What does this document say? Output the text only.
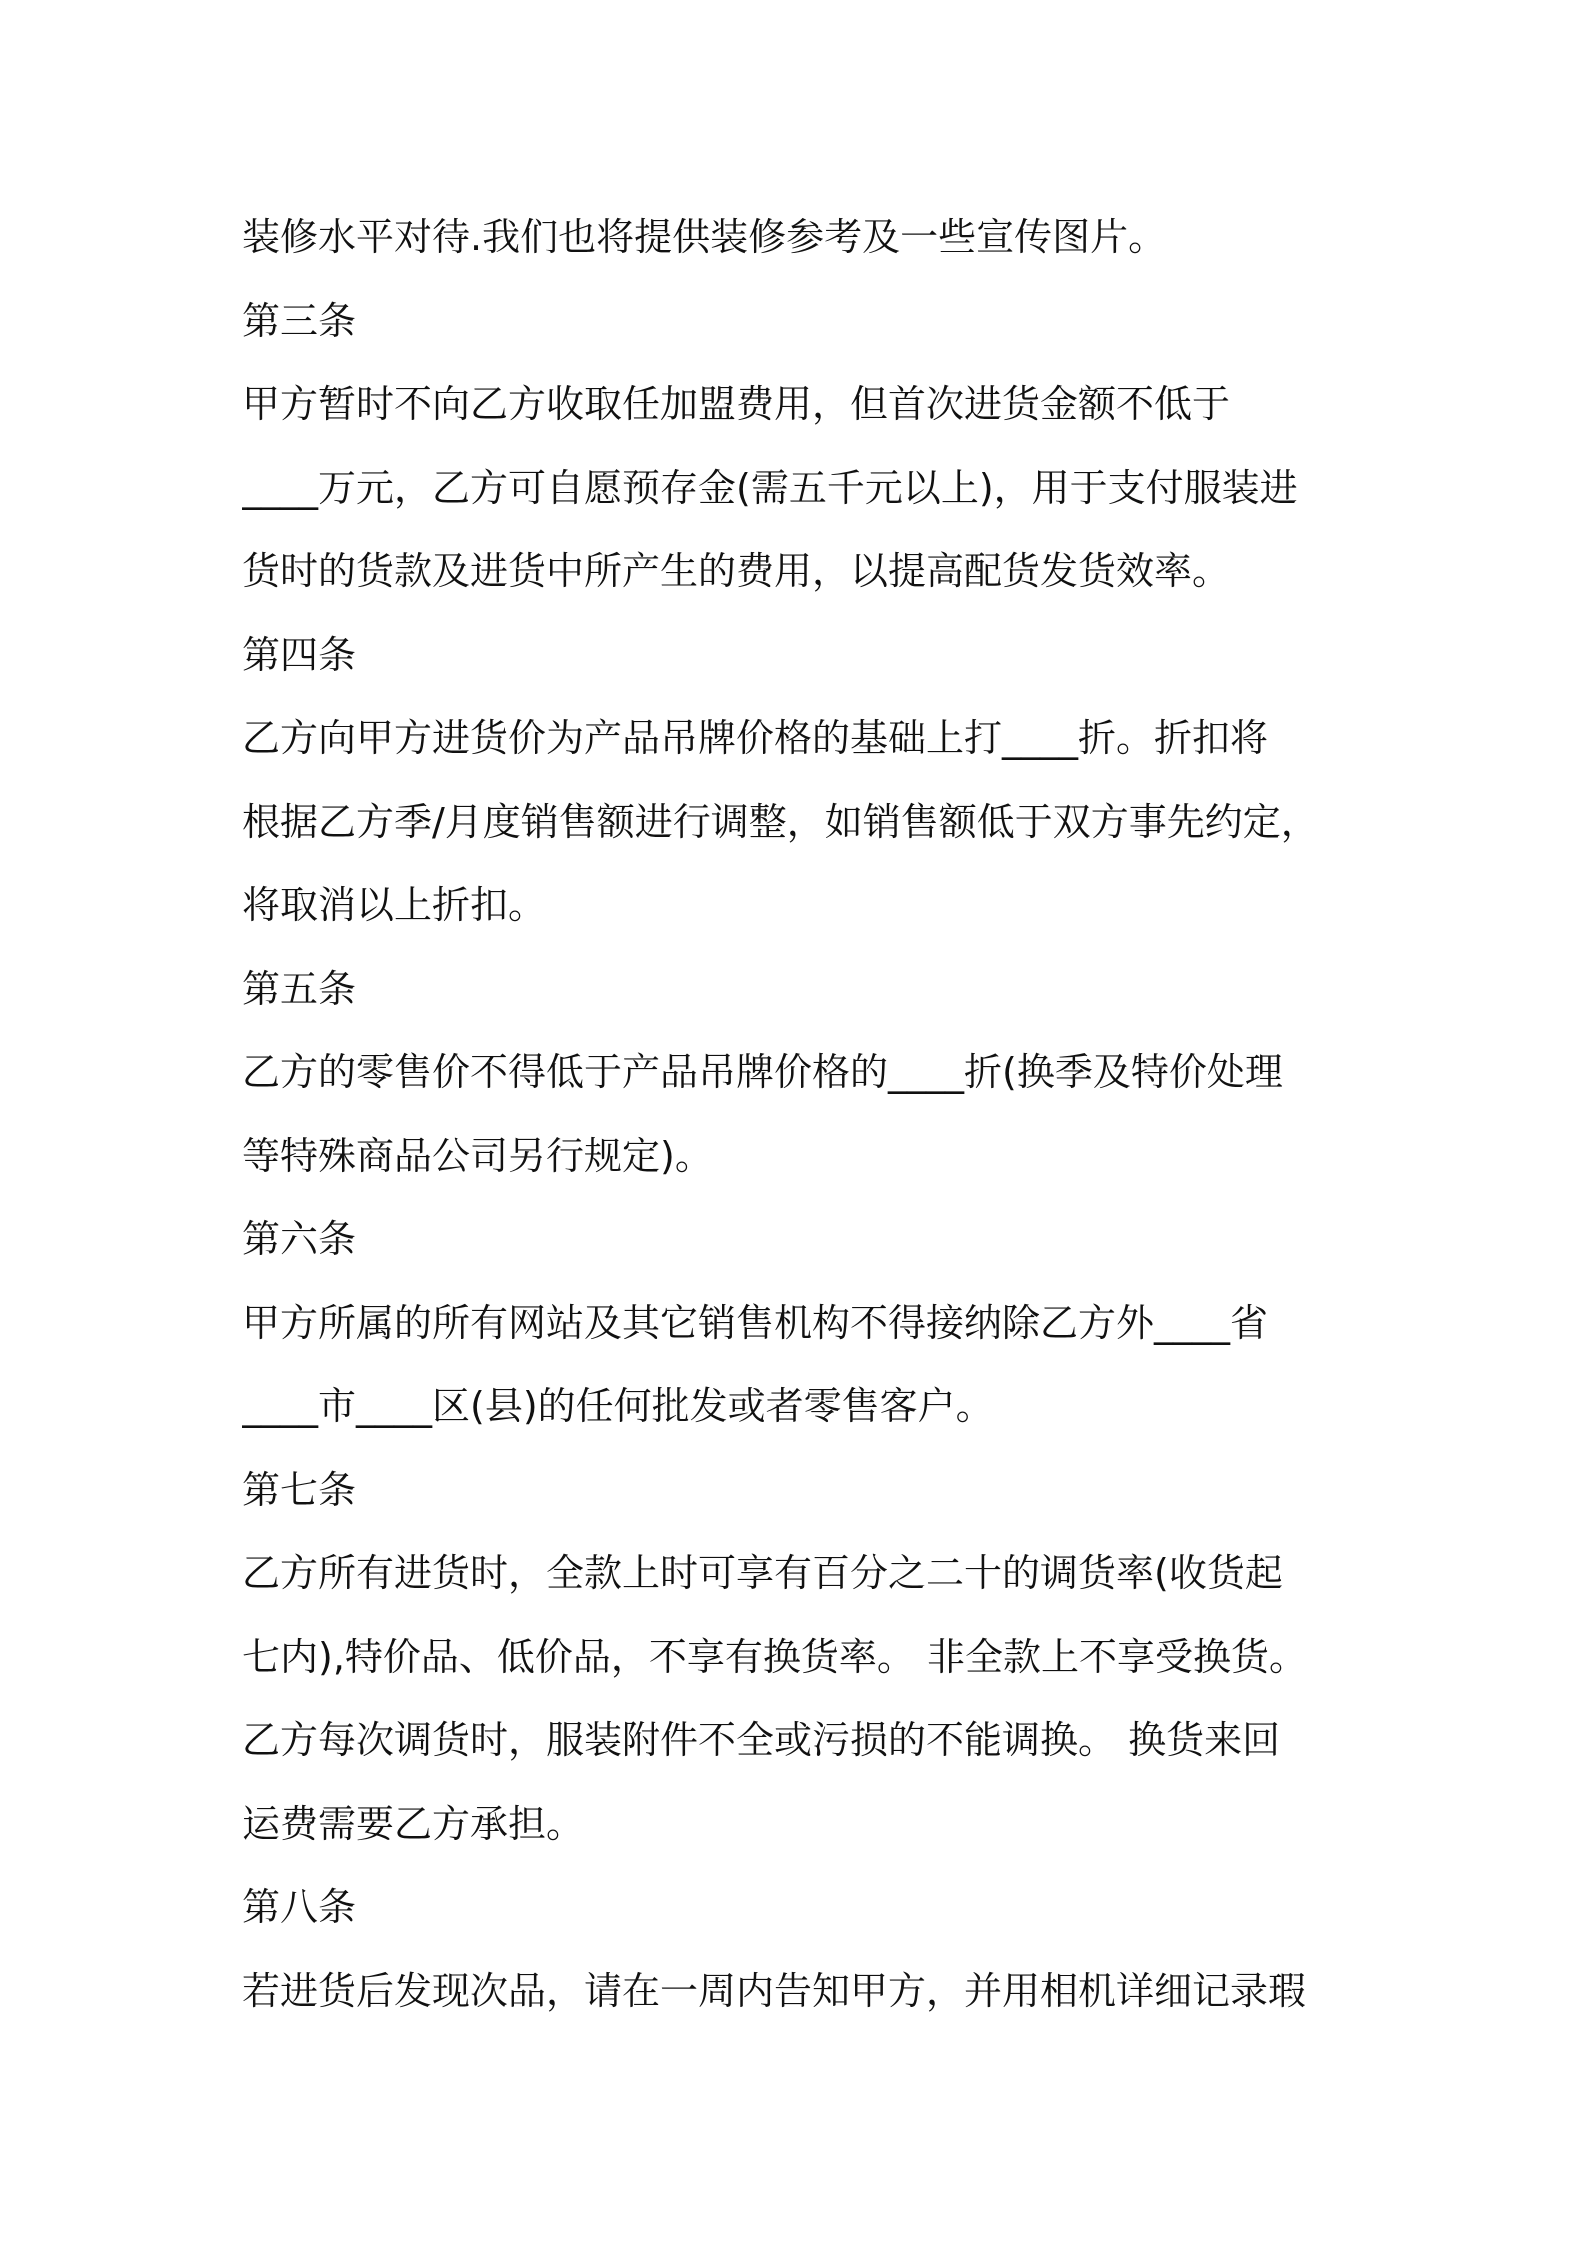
装修水平对待.我们也将提供装修参考及一些宣传图片。
第三条
甲方暂时不向乙方收取任加盟费用，但首次进货金额不低于
____万元，乙方可自愿预存金(需五千元以上)，用于支付服装进
货时的货款及进货中所产生的费用，以提高配货发货效率。
第四条
乙方向甲方进货价为产品吊牌价格的基础上打____折。折扣将
根据乙方季/月度销售额进行调整，如销售额低于双方事先约定，
将取消以上折扣。
第五条
乙方的零售价不得低于产品吊牌价格的____折(换季及特价处理
等特殊商品公司另行规定)。
第六条
甲方所属的所有网站及其它销售机构不得接纳除乙方外____省
____市____区(县)的任何批发或者零售客户。
第七条
乙方所有进货时，全款上时可享有百分之二十的调货率(收货起
七内),特价品、低价品，不享有换货率。 非全款上不享受换货。
乙方每次调货时，服装附件不全或污损的不能调换。 换货来回
运费需要乙方承担。
第八条
若进货后发现次品，请在一周内告知甲方，并用相机详细记录瑕
